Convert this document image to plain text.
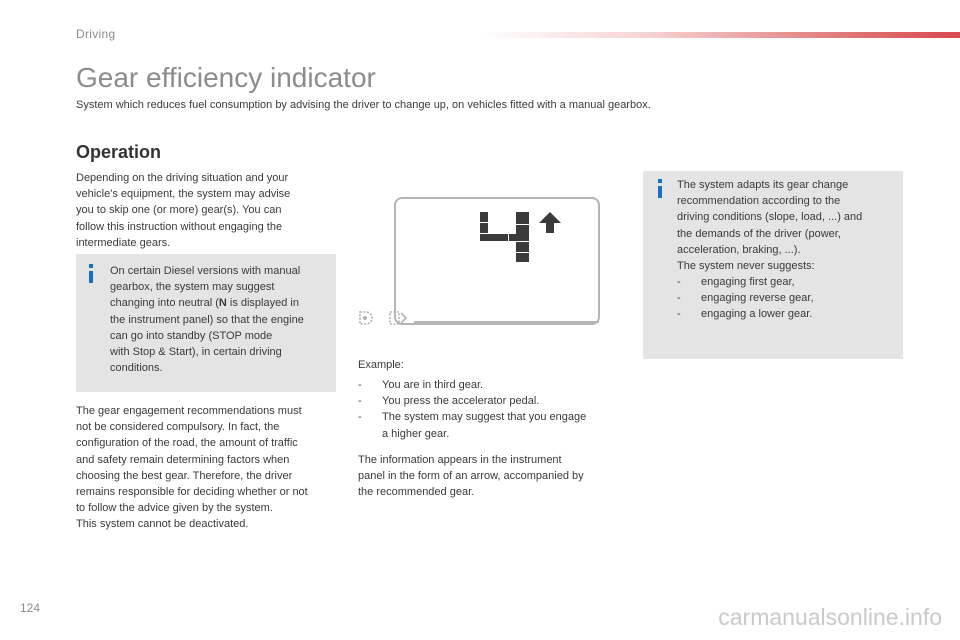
Driving
Gear efficiency indicator

System which reduces fuel consumption by advising the driver to change up, on vehicles fitted with a manual gearbox.

Operation

Depending on the driving situation and your
vehicle's equipment, the system may advise
you to skip one (or more) gear(s). You can
follow this instruction without engaging the
intermediate gears.

On certain Diesel versions with manual
gearbox, the system may suggest
changing into neutral (N is displayed in
the instrument panel) so that the engine
can go into standby (STOP mode
with Stop & Start), in certain driving
conditions.

The gear engagement recommendations must
not be considered compulsory. In fact, the
configuration of the road, the amount of traffic
and safety remain determining factors when
choosing the best gear. Therefore, the driver
remains responsible for deciding whether or not
to follow the advice given by the system.
This system cannot be deactivated.

Example:

- You are in third gear.
- You press the accelerator pedal.
- The system may suggest that you engage
a higher gear.

The information appears in the instrument
panel in the form of an arrow, accompanied by
the recommended gear.

The system adapts its gear change
recommendation according to the
driving conditions (slope, load, ...) and
the demands of the driver (power,
acceleration, braking, ...).
The system never suggests:

- engaging first gear,
- engaging reverse gear,
- engaging a lower gear.
124	carmanualsonline.info
